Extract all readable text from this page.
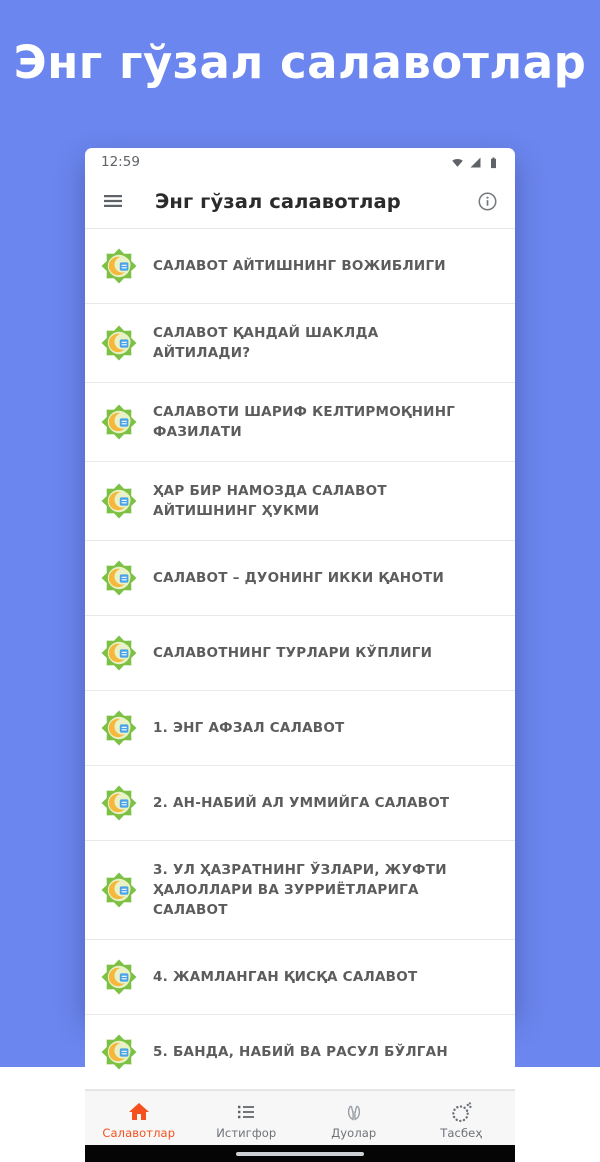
Энг гўзал салавотлар
12:59
Энг гўзал салавотлар
САЛАВОТ АЙТИШНИНГ ВОЖИБЛИГИ
САЛАВОТ ҚАНДАЙ ШАКЛДА АЙТИЛАДИ?
САЛАВОТИ ШАРИФ КЕЛТИРМОҚНИНГ ФАЗИЛАТИ
ҲАР БИР НАМОЗДА САЛАВОТ АЙТИШНИНГ ҲУКМИ
САЛАВОТ – ДУОНИНГ ИККИ ҚАНОТИ
САЛАВОТНИНГ ТУРЛАРИ КЎПЛИГИ
1. ЭНГ АФЗАЛ САЛАВОТ
2. АН-НАБИЙ АЛ УММИЙГА САЛАВОТ
3. УЛ ҲАЗРАТНИНГ ЎЗЛАРИ, ЖУФТИ ҲАЛОЛЛАРИ ВА ЗУРРИЁТЛАРИГА САЛАВОТ
4. ЖАМЛАНГАН ҚИСҚА САЛАВОТ
5. БАНДА, НАБИЙ ВА РАСУЛ БЎЛГАН
Салавотлар	Истигфор	Дуолар	Тасбеҳ
